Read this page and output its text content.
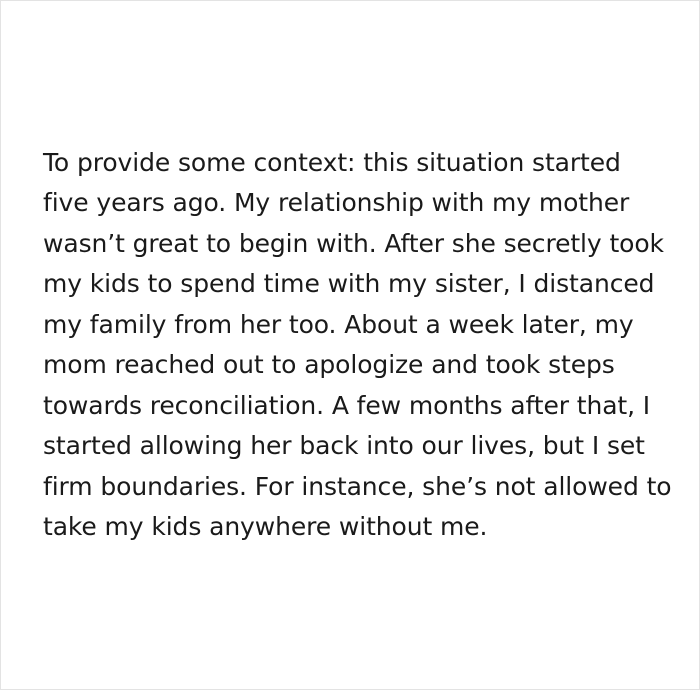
To provide some context: this situation started five years ago. My relationship with my mother wasn’t great to begin with. After she secretly took my kids to spend time with my sister, I distanced my family from her too. About a week later, my mom reached out to apologize and took steps towards reconciliation. A few months after that, I started allowing her back into our lives, but I set firm boundaries. For instance, she’s not allowed to take my kids anywhere without me.
